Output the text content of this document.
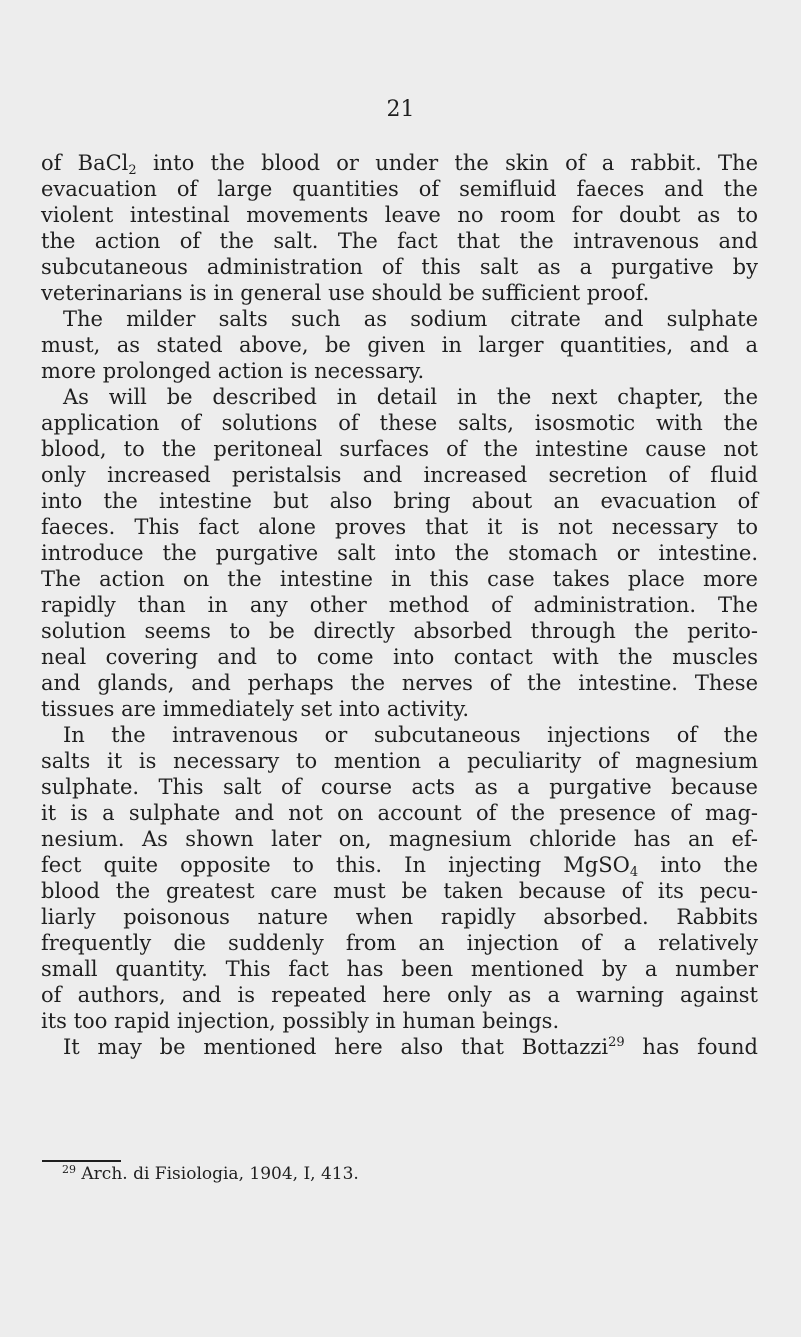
21
of BaCl$_2$ into the blood or under the skin of a rabbit. The
evacuation of large quantities of semifluid faeces and the
violent intestinal movements leave no room for doubt as to
the action of the salt. The fact that the intravenous and
subcutaneous administration of this salt as a purgative by
veterinarians is in general use should be sufficient proof.
The milder salts such as sodium citrate and sulphate
must, as stated above, be given in larger quantities, and a
more prolonged action is necessary.
As will be described in detail in the next chapter, the
application of solutions of these salts, isosmotic with the
blood, to the peritoneal surfaces of the intestine cause not
only increased peristalsis and increased secretion of fluid
into the intestine but also bring about an evacuation of
faeces. This fact alone proves that it is not necessary to
introduce the purgative salt into the stomach or intestine.
The action on the intestine in this case takes place more
rapidly than in any other method of administration. The
solution seems to be directly absorbed through the perito-
neal covering and to come into contact with the muscles
and glands, and perhaps the nerves of the intestine. These
tissues are immediately set into activity.
In the intravenous or subcutaneous injections of the
salts it is necessary to mention a peculiarity of magnesium
sulphate. This salt of course acts as a purgative because
it is a sulphate and not on account of the presence of mag-
nesium. As shown later on, magnesium chloride has an ef-
fect quite opposite to this. In injecting MgSO$_4$ into the
blood the greatest care must be taken because of its pecu-
liarly poisonous nature when rapidly absorbed. Rabbits
frequently die suddenly from an injection of a relatively
small quantity. This fact has been mentioned by a number
of authors, and is repeated here only as a warning against
its too rapid injection, possibly in human beings.
It may be mentioned here also that Bottazzi$^{29}$ has found
$^{29}$ Arch. di Fisiologia, 1904, I, 413.
